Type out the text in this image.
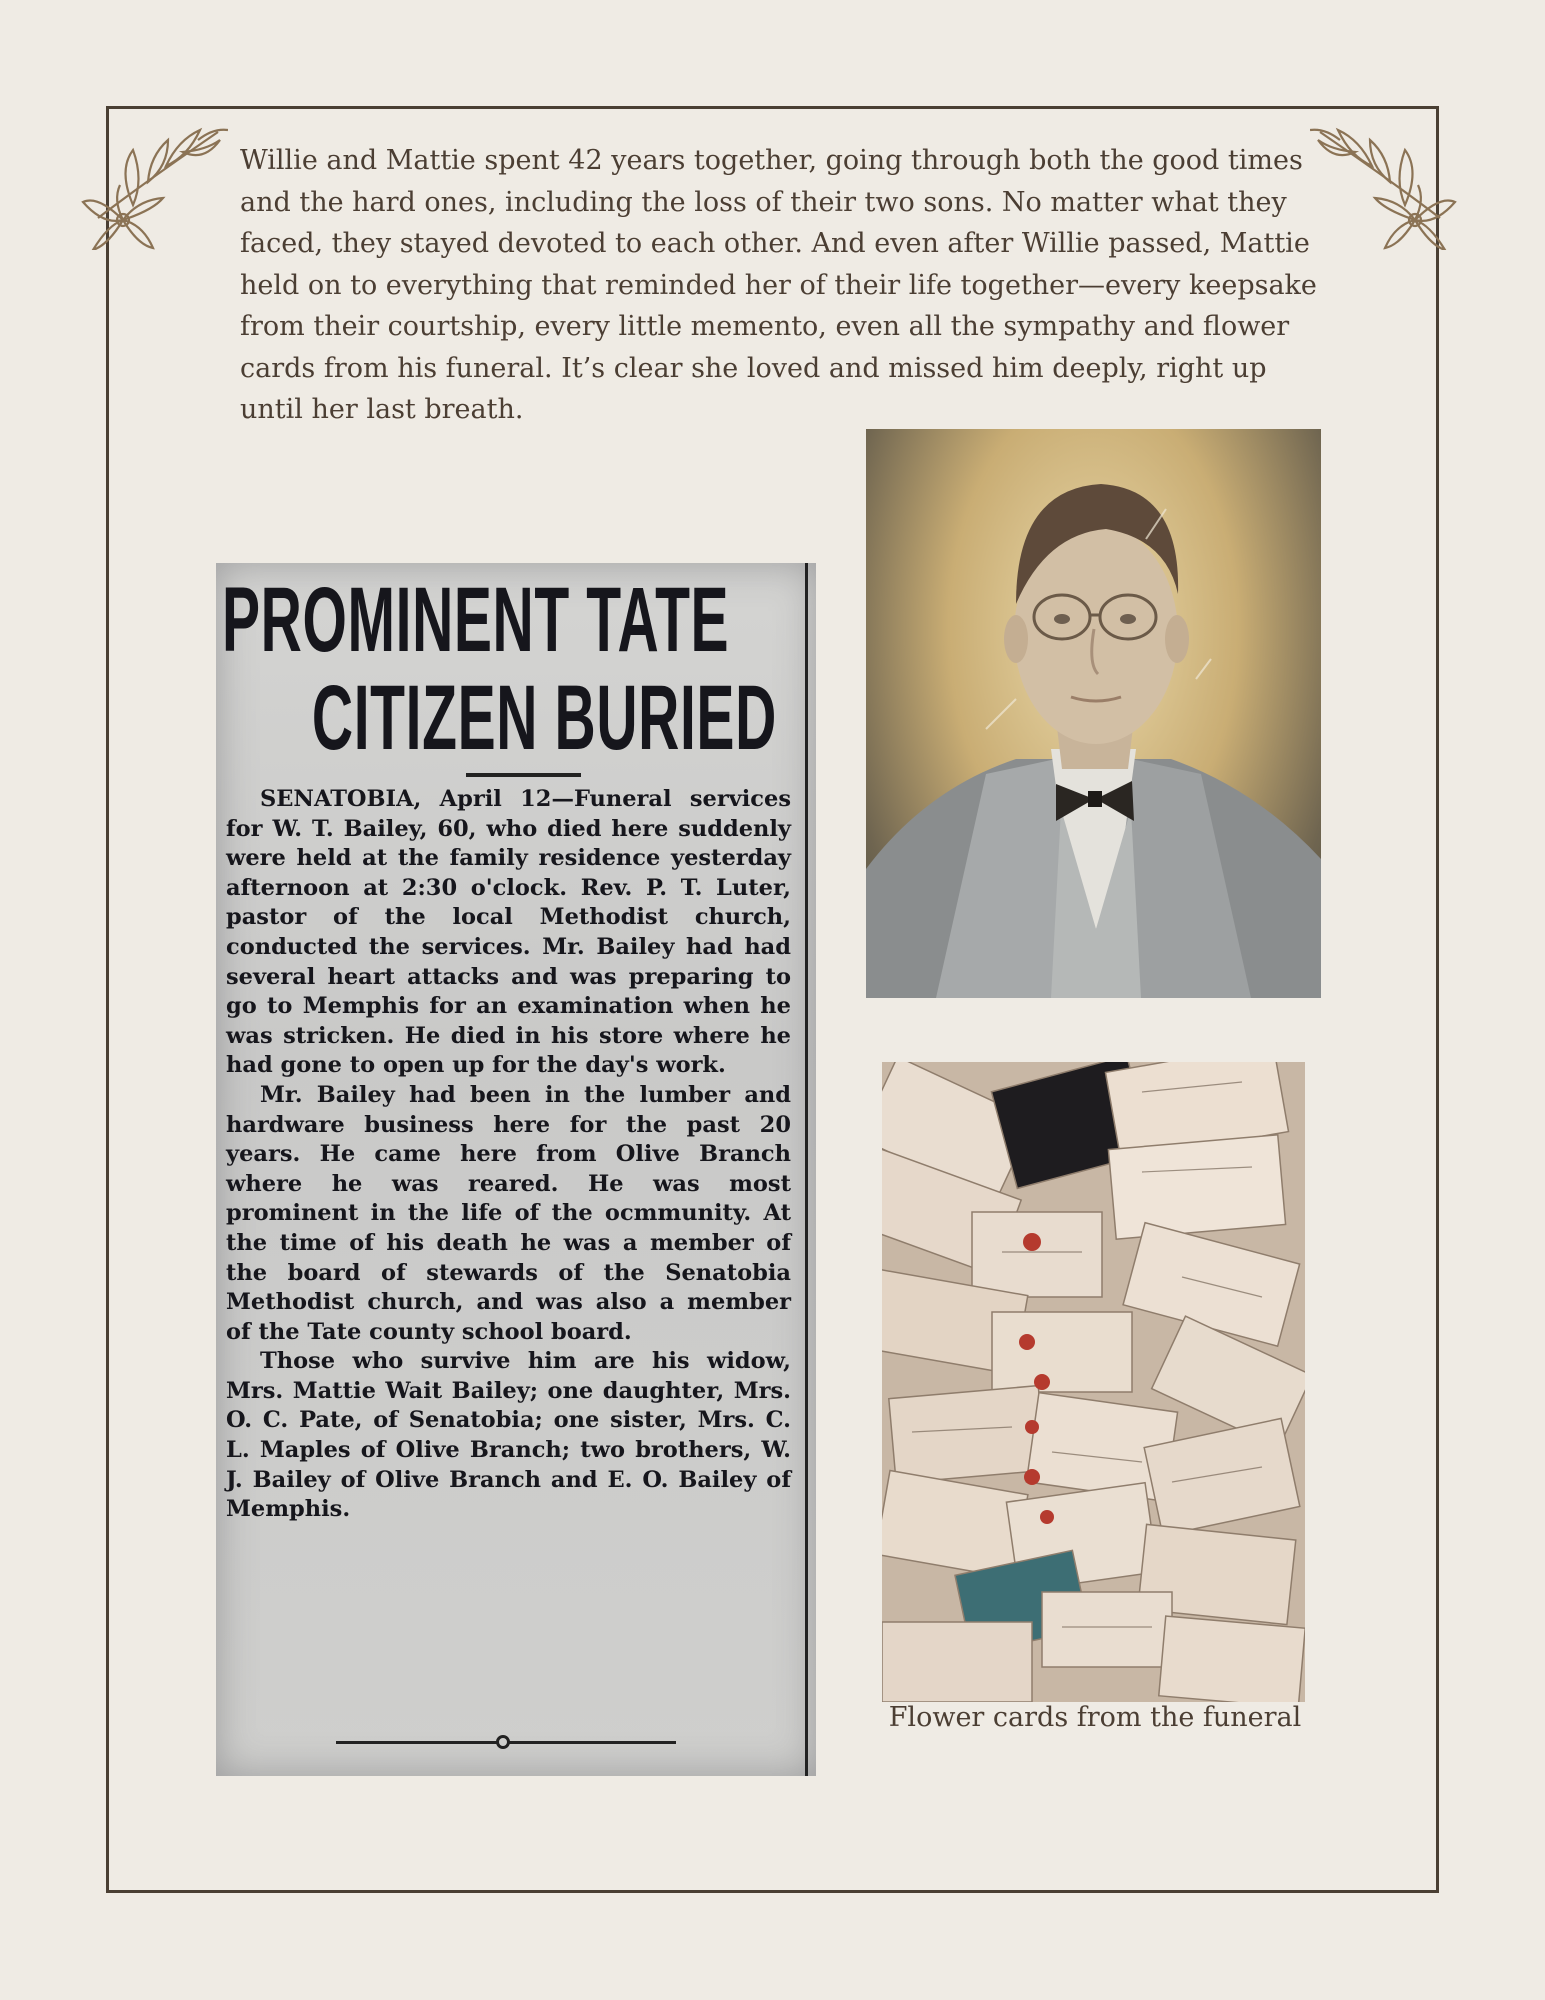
Willie and Mattie spent 42 years together, going through both the good times and the hard ones, including the loss of their two sons. No matter what they faced, they stayed devoted to each other. And even after Willie passed, Mattie held on to everything that reminded her of their life together—every keepsake from their courtship, every little memento, even all the sympathy and flower cards from his funeral. It’s clear she loved and missed him deeply, right up until her last breath.

PROMINENT TATE
CITIZEN BURIED

SENATOBIA, April 12—Funeral services for W. T. Bailey, 60, who died here suddenly were held at the family residence yesterday afternoon at 2:30 o'clock. Rev. P. T. Luter, pastor of the local Methodist church, conducted the services. Mr. Bailey had had several heart attacks and was preparing to go to Memphis for an examination when he was stricken. He died in his store where he had gone to open up for the day's work.

Mr. Bailey had been in the lumber and hardware business here for the past 20 years. He came here from Olive Branch where he was reared. He was most prominent in the life of the ocmmunity. At the time of his death he was a member of the board of stewards of the Senatobia Methodist church, and was also a member of the Tate county school board.

Those who survive him are his widow, Mrs. Mattie Wait Bailey; one daughter, Mrs. O. C. Pate, of Senatobia; one sister, Mrs. C. L. Maples of Olive Branch; two brothers, W. J. Bailey of Olive Branch and E. O. Bailey of Memphis.

Flower cards from the funeral
